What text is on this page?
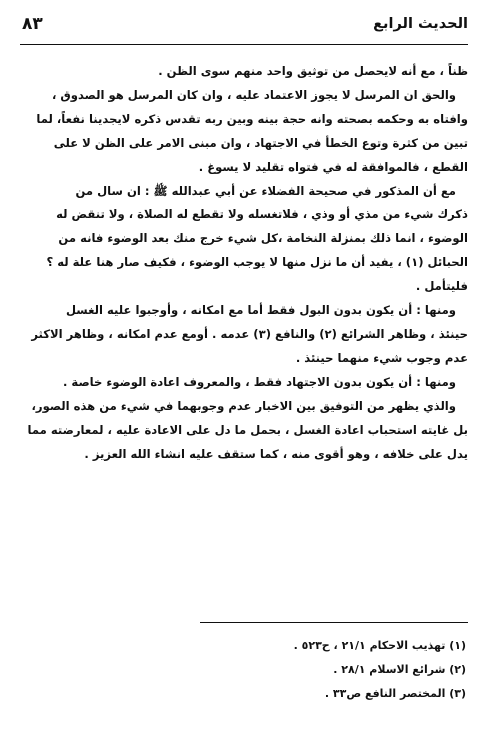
الحديث الرابع
٨٣

ظناً ، مع أنه لايحصل من توثيق واحد منهم سوى الظن .

والحق ان المرسل لا يجوز الاعتماد عليه ، وان كان المرسل هو الصدوق ،

وافتاه به وحكمه بصحته وانه حجة بينه وبين ربه تقدس ذكره لايجدينا نفعاً، لما

تبين من كثرة وتوع الخطأ في الاجتهاد ، وان مبنى الامر على الظن لا على

القطع ، فالموافقة له في فتواه تقليد لا يسوغ .

مع أن المذكور في صحيحة الفضلاء عن أبي عبدالله ﷺ : ان سال من

ذكرك شيء من مذي أو وذي ، فلاتغسله ولا تقطع له الصلاة ، ولا تنقض له

الوضوء ، انما ذلك بمنزلة النخامة ،كل شيء خرج منك بعد الوضوء فانه من

الحبائل (١) ، يفيد أن ما نزل منها لا يوجب الوضوء ، فكيف صار هنا علة له ؟

فليتأمل .

ومنها : أن يكون بدون البول فقط أما مع امكانه ، وأوجبوا عليه الغسل

حينئذ ، وظاهر الشرائع (٢) والنافع (٣) عدمه . أومع عدم امكانه ، وظاهر الاكثر

عدم وجوب شيء منهما حينئذ .

ومنها : أن يكون بدون الاجتهاد فقط ، والمعروف اعادة الوضوء خاصة .

والذي يظهر من التوفيق بين الاخبار عدم وجوبهما في شيء من هذه الصور،

بل غايته استحباب اعادة الغسل ، بحمل ما دل على الاعادة عليه ، لمعارضته مما

يدل على خلافه ، وهو أقوى منه ، كما ستقف عليه انشاء الله العزيز .

(١) تهذيب الاحكام ٢١/١ ، ح٥٢٣ .

(٢) شرائع الاسلام ٢٨/١ .

(٣) المختصر النافع ص٣٣ .
